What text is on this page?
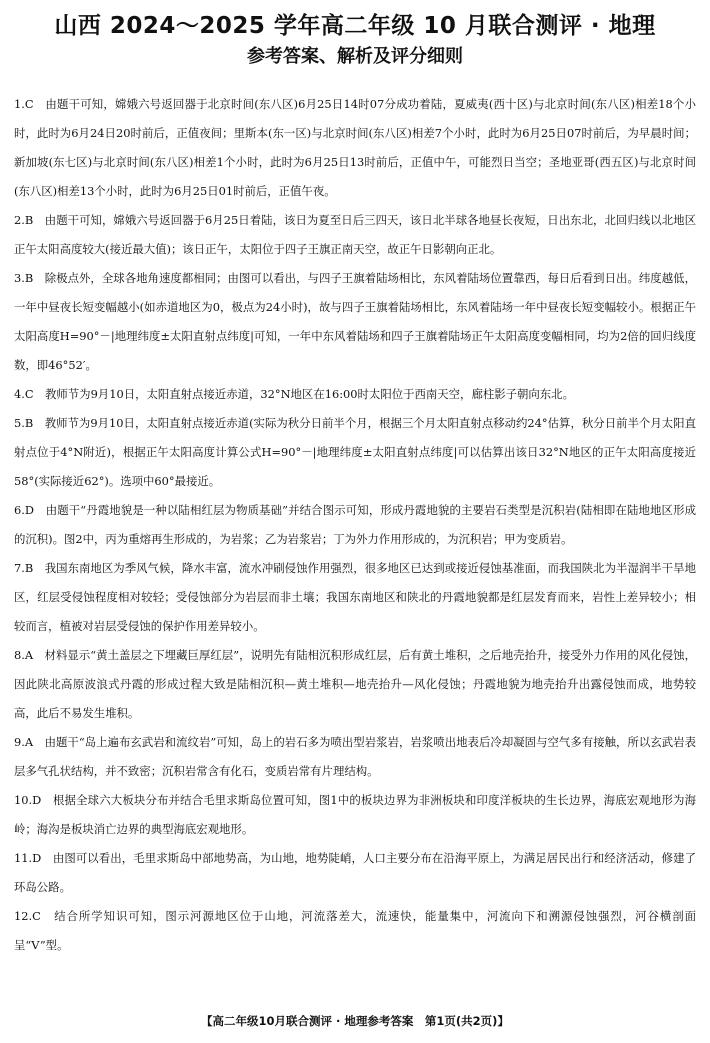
山西 2024～2025 学年高二年级 10 月联合测评 · 地理
参考答案、解析及评分细则

1.C　 由题干可知，嫦娥六号返回器于北京时间(东八区)6月25日14时07分成功着陆，夏威夷(西十区)与北京时间(东八区)相差18个小时，此时为6月24日20时前后，正值夜间；里斯本(东一区)与北京时间(东八区)相差7个小时，此时为6月25日07时前后，为早晨时间；新加坡(东七区)与北京时间(东八区)相差1个小时，此时为6月25日13时前后，正值中午，可能烈日当空；圣地亚哥(西五区)与北京时间(东八区)相差13个小时，此时为6月25日01时前后，正值午夜。

2.B　 由题干可知，嫦娥六号返回器于6月25日着陆，该日为夏至日后三四天，该日北半球各地昼长夜短，日出东北，北回归线以北地区正午太阳高度较大(接近最大值)；该日正午，太阳位于四子王旗正南天空，故正午日影朝向正北。

3.B　 除极点外，全球各地角速度都相同；由图可以看出，与四子王旗着陆场相比，东风着陆场位置靠西，每日后看到日出。纬度越低，一年中昼夜长短变幅越小(如赤道地区为0，极点为24小时)，故与四子王旗着陆场相比，东风着陆场一年中昼夜长短变幅较小。根据正午太阳高度H=90°－|地理纬度±太阳直射点纬度|可知，一年中东风着陆场和四子王旗着陆场正午太阳高度变幅相同，均为2倍的回归线度数，即46°52′。

4.C　 教师节为9月10日，太阳直射点接近赤道，32°N地区在16:00时太阳位于西南天空，廊柱影子朝向东北。

5.B　 教师节为9月10日，太阳直射点接近赤道(实际为秋分日前半个月，根据三个月太阳直射点移动约24°估算，秋分日前半个月太阳直射点位于4°N附近)，根据正午太阳高度计算公式H=90°－|地理纬度±太阳直射点纬度|可以估算出该日32°N地区的正午太阳高度接近58°(实际接近62°)。选项中60°最接近。

6.D　 由题干“丹霞地貌是一种以陆相红层为物质基础”并结合图示可知，形成丹霞地貌的主要岩石类型是沉积岩(陆相即在陆地地区形成的沉积)。图2中，丙为重熔再生形成的，为岩浆；乙为岩浆岩；丁为外力作用形成的，为沉积岩；甲为变质岩。

7.B　 我国东南地区为季风气候，降水丰富，流水冲刷侵蚀作用强烈，很多地区已达到或接近侵蚀基准面，而我国陕北为半湿润半干旱地区，红层受侵蚀程度相对较轻；受侵蚀部分为岩层而非土壤；我国东南地区和陕北的丹霞地貌都是红层发育而来，岩性上差异较小；相较而言，植被对岩层受侵蚀的保护作用差异较小。

8.A　 材料显示“黄土盖层之下埋藏巨厚红层”，说明先有陆相沉积形成红层，后有黄土堆积，之后地壳抬升，接受外力作用的风化侵蚀，因此陕北高原波浪式丹霞的形成过程大致是陆相沉积—黄土堆积—地壳抬升—风化侵蚀；丹霞地貌为地壳抬升出露侵蚀而成，地势较高，此后不易发生堆积。

9.A　 由题干“岛上遍布玄武岩和流纹岩”可知，岛上的岩石多为喷出型岩浆岩，岩浆喷出地表后冷却凝固与空气多有接触，所以玄武岩表层多气孔状结构，并不致密；沉积岩常含有化石，变质岩常有片理结构。

10.D　 根据全球六大板块分布并结合毛里求斯岛位置可知，图1中的板块边界为非洲板块和印度洋板块的生长边界，海底宏观地形为海岭；海沟是板块消亡边界的典型海底宏观地形。

11.D　 由图可以看出，毛里求斯岛中部地势高，为山地，地势陡峭，人口主要分布在沿海平原上，为满足居民出行和经济活动，修建了环岛公路。

12.C　 结合所学知识可知，图示河源地区位于山地，河流落差大，流速快，能量集中，河流向下和溯源侵蚀强烈，河谷横剖面呈“V”型。

【高二年级10月联合测评 · 地理参考答案　第1页(共2页)】
